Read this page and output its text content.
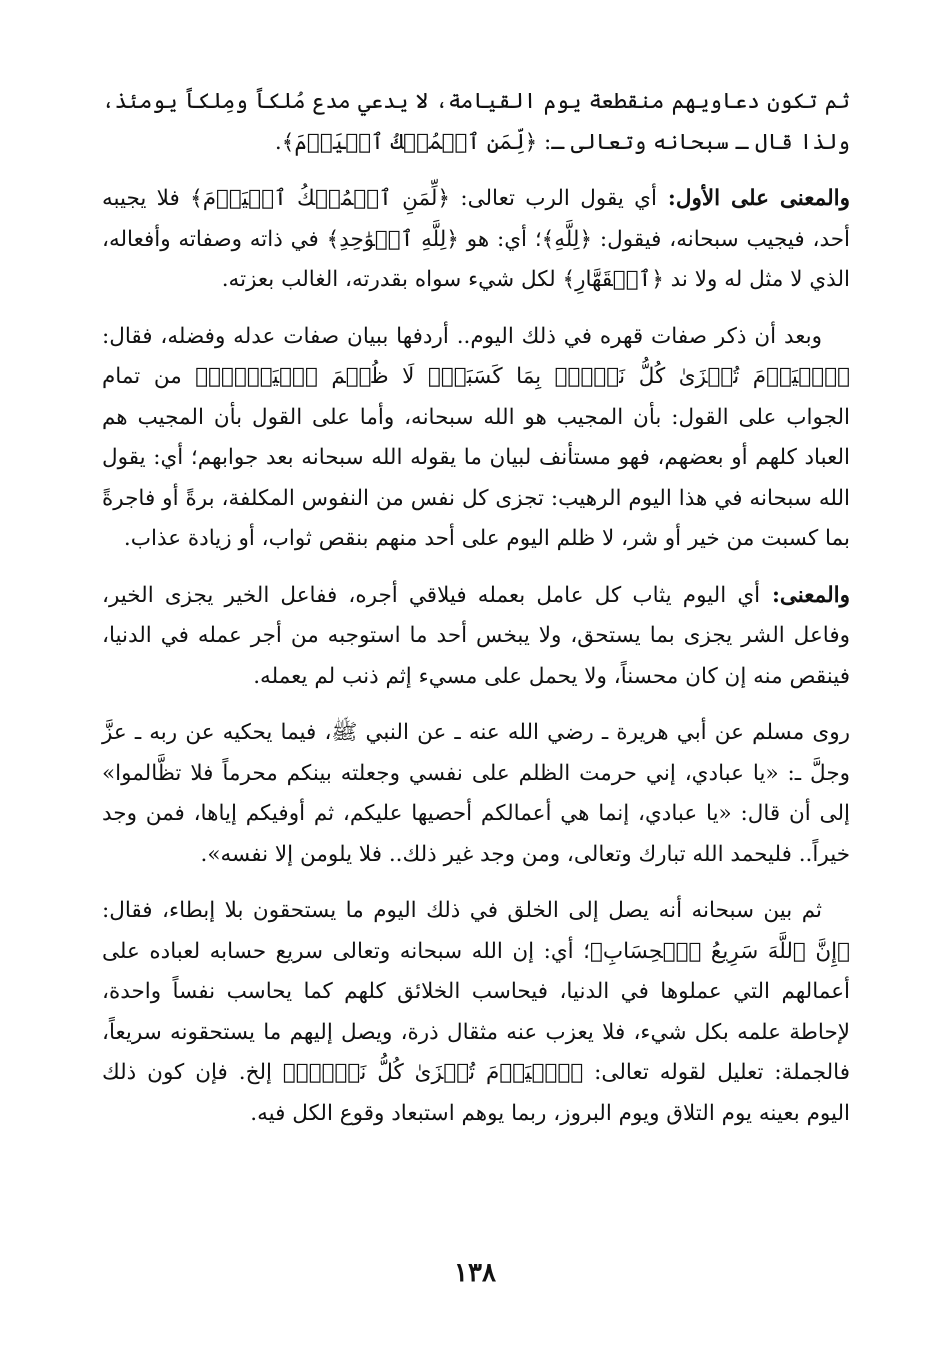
ثم تكون دعاويهم منقطعة يوم القيامة، لا يدعي مدع مُلكاً ومِلكاً يومئذ، ولذا قال ـ سبحانه وتعالى ـ: ﴿لِّمَنِ ٱلۡمُلۡكُ ٱلۡيَوۡمَ﴾.

والمعنى على الأول: أي يقول الرب تعالى: ﴿لِّمَنِ ٱلۡمُلۡكُ ٱلۡيَوۡمَ﴾ فلا يجيبه أحد، فيجيب سبحانه، فيقول: ﴿لِلَّهِ﴾؛ أي: هو ﴿لِلَّهِ ٱلۡوَٰحِدِ﴾ في ذاته وصفاته وأفعاله، الذي لا مثل له ولا ند ﴿ٱلۡقَهَّارِ﴾ لكل شيء سواه بقدرته، الغالب بعزته.

وبعد أن ذكر صفات قهره في ذلك اليوم.. أردفها ببيان صفات عدله وفضله، فقال: ﴿ٱلۡيَوۡمَ تُجۡزَىٰ كُلُّ نَفۡسِۭ بِمَا كَسَبَتۡۚ لَا ظُلۡمَ ٱلۡيَوۡمَۚ﴾ من تمام الجواب على القول: بأن المجيب هو الله سبحانه، وأما على القول بأن المجيب هم العباد كلهم أو بعضهم، فهو مستأنف لبيان ما يقوله الله سبحانه بعد جوابهم؛ أي: يقول الله سبحانه في هذا اليوم الرهيب: تجزى كل نفس من النفوس المكلفة، برةً أو فاجرةً بما كسبت من خير أو شر، لا ظلم اليوم على أحد منهم بنقص ثواب، أو زيادة عذاب.

والمعنى: أي اليوم يثاب كل عامل بعمله فيلاقي أجره، ففاعل الخير يجزى الخير، وفاعل الشر يجزى بما يستحق، ولا يبخس أحد ما استوجبه من أجر عمله في الدنيا، فينقص منه إن كان محسناً، ولا يحمل على مسيء إثم ذنب لم يعمله.

روى مسلم عن أبي هريرة ـ رضي الله عنه ـ عن النبي ﷺ، فيما يحكيه عن ربه ـ عزَّ وجلَّ ـ: «يا عبادي، إني حرمت الظلم على نفسي وجعلته بينكم محرماً فلا تظَّالموا» إلى أن قال: «يا عبادي، إنما هي أعمالكم أحصيها عليكم، ثم أوفيكم إياها، فمن وجد خيراً.. فليحمد الله تبارك وتعالى، ومن وجد غير ذلك.. فلا يلومن إلا نفسه».

ثم بين سبحانه أنه يصل إلى الخلق في ذلك اليوم ما يستحقون بلا إبطاء، فقال: ﴿إِنَّ ٱللَّهَ سَرِيعُ ٱلۡحِسَابِ﴾؛ أي: إن الله سبحانه وتعالى سريع حسابه لعباده على أعمالهم التي عملوها في الدنيا، فيحاسب الخلائق كلهم كما يحاسب نفساً واحدة، لإحاطة علمه بكل شيء، فلا يعزب عنه مثقال ذرة، ويصل إليهم ما يستحقونه سريعاً، فالجملة: تعليل لقوله تعالى: ﴿ٱلۡيَوۡمَ تُجۡزَىٰ كُلُّ نَفۡسِۭ﴾ إلخ. فإن كون ذلك اليوم بعينه يوم التلاق ويوم البروز، ربما يوهم استبعاد وقوع الكل فيه.

١٣٨
